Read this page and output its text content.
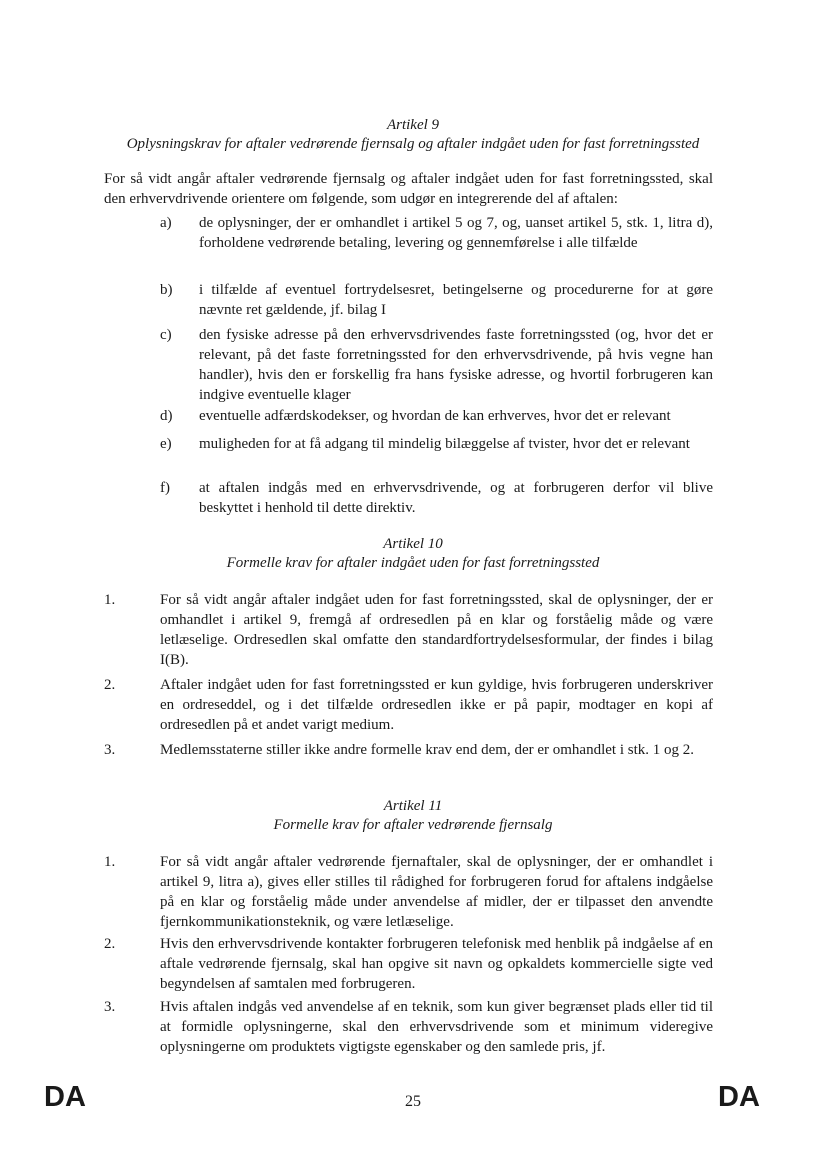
Artikel 9
Oplysningskrav for aftaler vedrørende fjernsalg og aftaler indgået uden for fast forretningssted
For så vidt angår aftaler vedrørende fjernsalg og aftaler indgået uden for fast forretningssted, skal den erhvervdrivende orientere om følgende, som udgør en integrerende del af aftalen:
a) de oplysninger, der er omhandlet i artikel 5 og 7, og, uanset artikel 5, stk. 1, litra d), forholdene vedrørende betaling, levering og gennemførelse i alle tilfælde
b) i tilfælde af eventuel fortrydelsesret, betingelserne og procedurerne for at gøre nævnte ret gældende, jf. bilag I
c) den fysiske adresse på den erhvervsdrivendes faste forretningssted (og, hvor det er relevant, på det faste forretningssted for den erhvervsdrivende, på hvis vegne han handler), hvis den er forskellig fra hans fysiske adresse, og hvortil forbrugeren kan indgive eventuelle klager
d) eventuelle adfærdskodekser, og hvordan de kan erhverves, hvor det er relevant
e) muligheden for at få adgang til mindelig bilæggelse af tvister, hvor det er relevant
f) at aftalen indgås med en erhvervsdrivende, og at forbrugeren derfor vil blive beskyttet i henhold til dette direktiv.
Artikel 10
Formelle krav for aftaler indgået uden for fast forretningssted
1.	For så vidt angår aftaler indgået uden for fast forretningssted, skal de oplysninger, der er omhandlet i artikel 9, fremgå af ordresedlen på en klar og forståelig måde og være letlæselige. Ordresedlen skal omfatte den standardfortrydelsesformular, der findes i bilag I(B).
2.	Aftaler indgået uden for fast forretningssted er kun gyldige, hvis forbrugeren underskriver en ordreseddel, og i det tilfælde ordresedlen ikke er på papir, modtager en kopi af ordresedlen på et andet varigt medium.
3.	Medlemsstaterne stiller ikke andre formelle krav end dem, der er omhandlet i stk. 1 og 2.
Artikel 11
Formelle krav for aftaler vedrørende fjernsalg
1.	For så vidt angår aftaler vedrørende fjernaftaler, skal de oplysninger, der er omhandlet i artikel 9, litra a), gives eller stilles til rådighed for forbrugeren forud for aftalens indgåelse på en klar og forståelig måde under anvendelse af midler, der er tilpasset den anvendte fjernkommunikationsteknik, og være letlæselige.
2.	Hvis den erhvervsdrivende kontakter forbrugeren telefonisk med henblik på indgåelse af en aftale vedrørende fjernsalg, skal han opgive sit navn og opkaldets kommercielle sigte ved begyndelsen af samtalen med forbrugeren.
3.	Hvis aftalen indgås ved anvendelse af en teknik, som kun giver begrænset plads eller tid til at formidle oplysningerne, skal den erhvervsdrivende som et minimum videregive oplysningerne om produktets vigtigste egenskaber og den samlede pris, jf.
DA	25	DA
